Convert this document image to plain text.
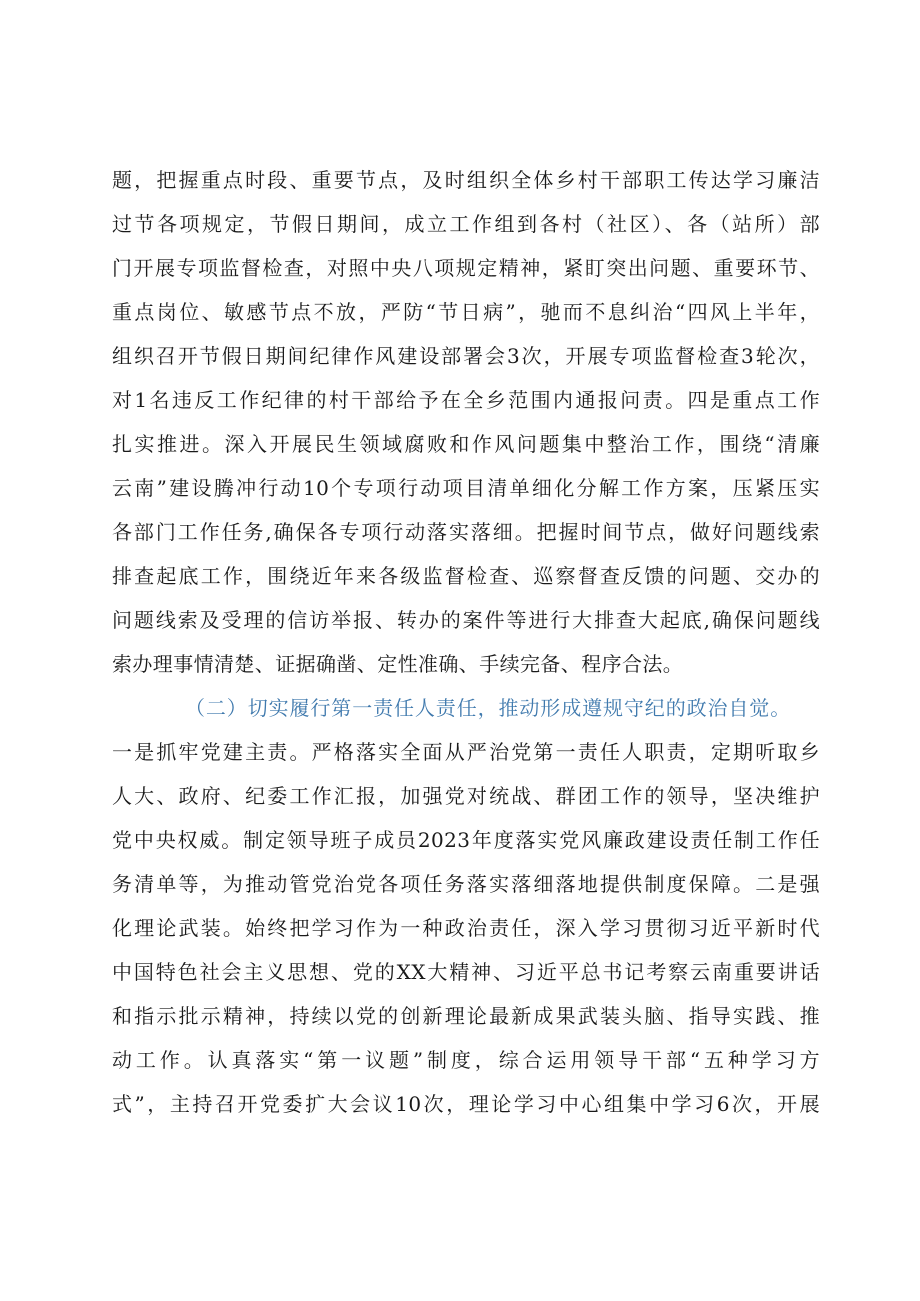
题，把握重点时段、重要节点，及时组织全体乡村干部职工传达学习廉洁
过节各项规定，节假日期间，成立工作组到各村（社区）、各（站所）部
门开展专项监督检查，对照中央八项规定精神，紧盯突出问题、重要环节、
重点岗位、敏感节点不放，严防“节日病”，驰而不息纠治“四风上半年，
组织召开节假日期间纪律作风建设部署会3次，开展专项监督检查3轮次，
对1名违反工作纪律的村干部给予在全乡范围内通报问责。四是重点工作
扎实推进。深入开展民生领域腐败和作风问题集中整治工作，围绕“清廉
云南”建设腾冲行动10个专项行动项目清单细化分解工作方案，压紧压实
各部门工作任务,确保各专项行动落实落细。把握时间节点，做好问题线索
排查起底工作，围绕近年来各级监督检查、巡察督查反馈的问题、交办的
问题线索及受理的信访举报、转办的案件等进行大排查大起底,确保问题线
索办理事情清楚、证据确凿、定性准确、手续完备、程序合法。
（二）切实履行第一责任人责任，推动形成遵规守纪的政治自觉。
一是抓牢党建主责。严格落实全面从严治党第一责任人职责，定期听取乡
人大、政府、纪委工作汇报，加强党对统战、群团工作的领导，坚决维护
党中央权威。制定领导班子成员2023年度落实党风廉政建设责任制工作任
务清单等，为推动管党治党各项任务落实落细落地提供制度保障。二是强
化理论武装。始终把学习作为一种政治责任，深入学习贯彻习近平新时代
中国特色社会主义思想、党的XX大精神、习近平总书记考察云南重要讲话
和指示批示精神，持续以党的创新理论最新成果武装头脑、指导实践、推
动工作。认真落实“第一议题”制度，综合运用领导干部“五种学习方
式”，主持召开党委扩大会议10次，理论学习中心组集中学习6次，开展
